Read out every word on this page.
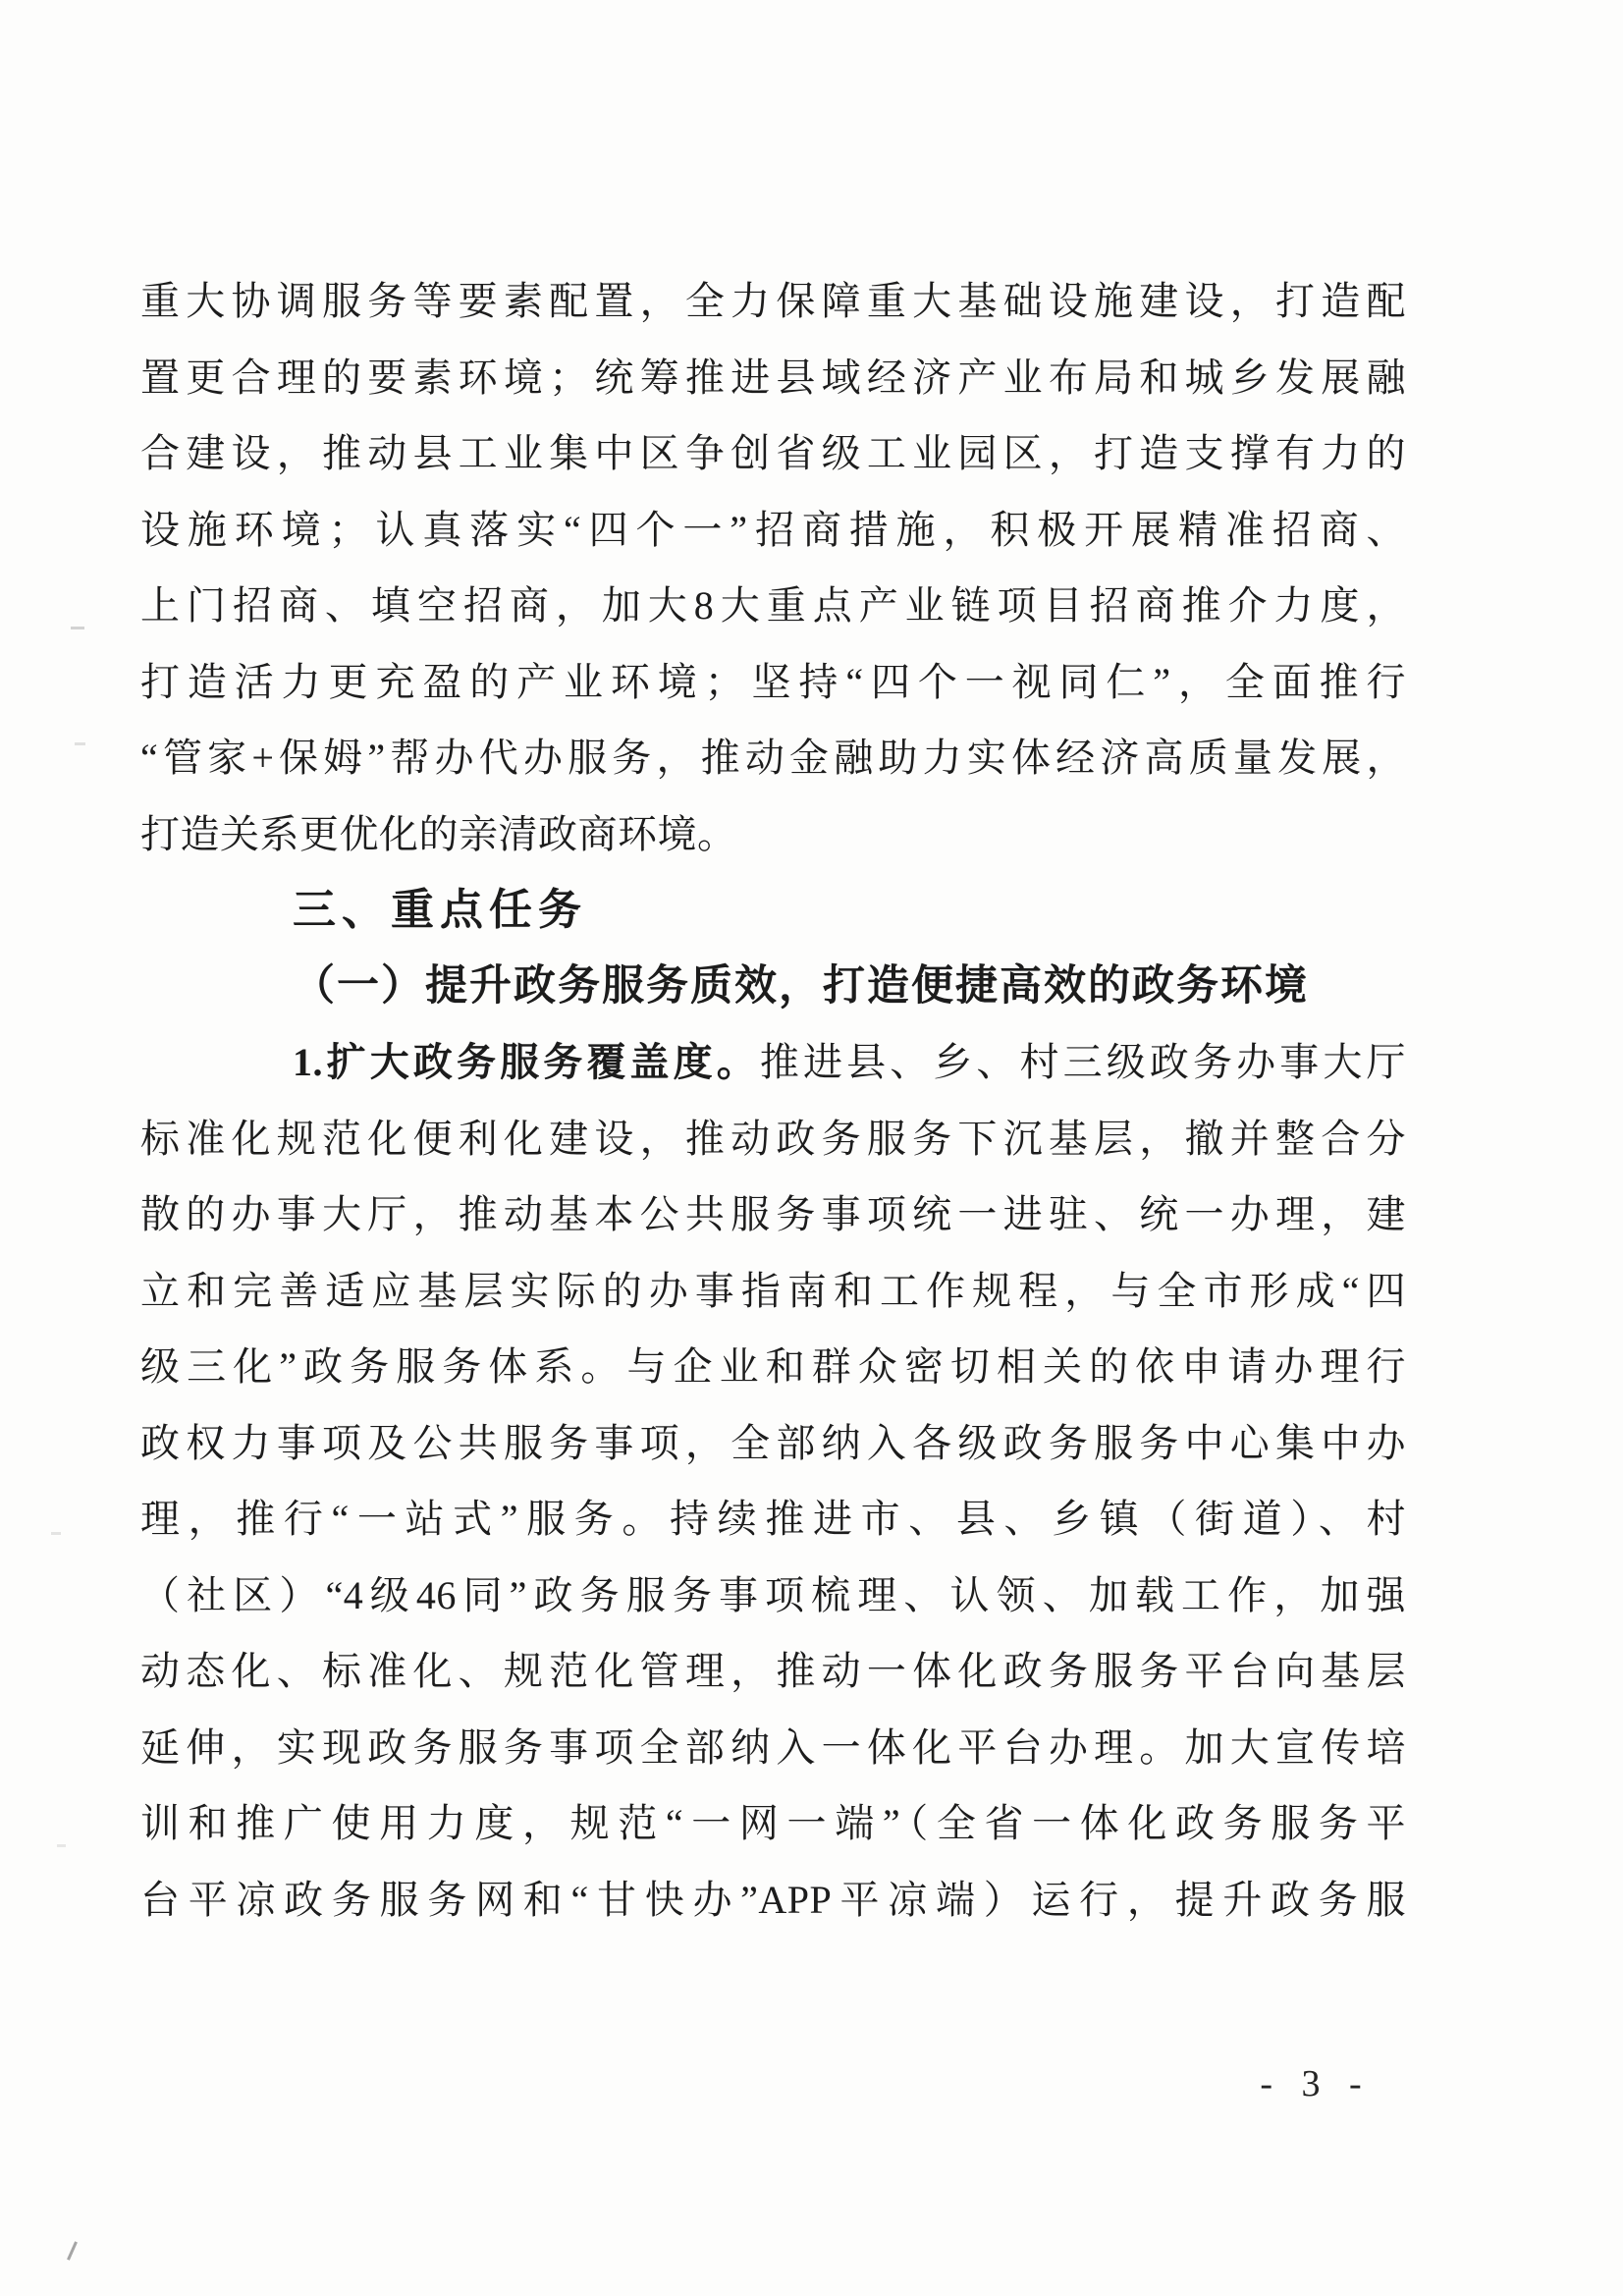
重大协调服务等要素配置，全力保障重大基础设施建设，打造配
置更合理的要素环境；统筹推进县域经济产业布局和城乡发展融
合建设，推动县工业集中区争创省级工业园区，打造支撑有力的
设施环境；认真落实“四个一”招商措施，积极开展精准招商、
上门招商、填空招商，加大8大重点产业链项目招商推介力度，
打造活力更充盈的产业环境；坚持“四个一视同仁”，全面推行
“管家+保姆”帮办代办服务，推动金融助力实体经济高质量发展，
打造关系更优化的亲清政商环境。
三、重点任务
（一）提升政务服务质效，打造便捷高效的政务环境
1.扩大政务服务覆盖度。推进县、乡、村三级政务办事大厅
标准化规范化便利化建设，推动政务服务下沉基层，撤并整合分
散的办事大厅，推动基本公共服务事项统一进驻、统一办理，建
立和完善适应基层实际的办事指南和工作规程，与全市形成“四
级三化”政务服务体系。与企业和群众密切相关的依申请办理行
政权力事项及公共服务事项，全部纳入各级政务服务中心集中办
理，推行“一站式”服务。持续推进市、县、乡镇（街道）、村
（社区）“4级46同”政务服务事项梳理、认领、加载工作，加强
动态化、标准化、规范化管理，推动一体化政务服务平台向基层
延伸，实现政务服务事项全部纳入一体化平台办理。加大宣传培
训和推广使用力度，规范“一网一端”（全省一体化政务服务平
台平凉政务服务网和“甘快办”APP平凉端）运行，提升政务服
- 3 -
